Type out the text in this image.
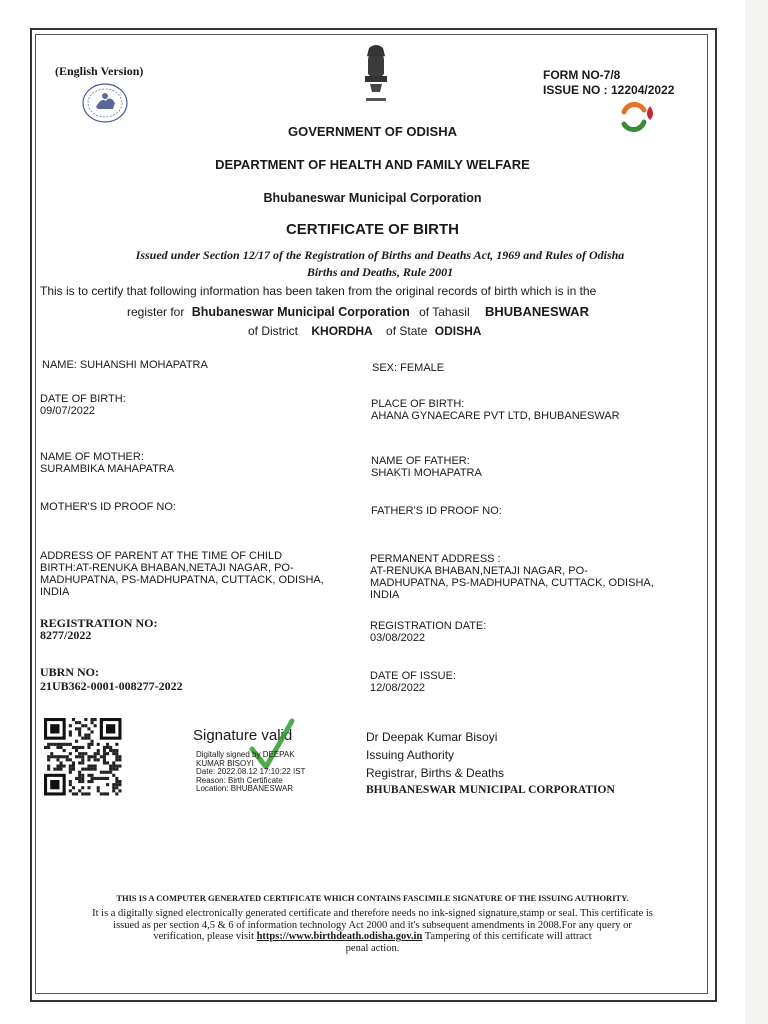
(English Version)	FORM NO-7/8
ISSUE NO : 12204/2022
GOVERNMENT OF ODISHA
DEPARTMENT OF HEALTH AND FAMILY WELFARE
Bhubaneswar Municipal Corporation
CERTIFICATE OF BIRTH
Issued under Section 12/17 of the Registration of Births and Deaths Act, 1969 and Rules of Odisha
Births and Deaths, Rule 2001
This is to certify that following information has been taken from the original records of birth which is in the
register for Bhubaneswar Municipal Corporation of Tahasil BHUBANESWAR
of District KHORDHA of State ODISHA
NAME: SUHANSHI MOHAPATRA
DATE OF BIRTH:
09/07/2022
NAME OF MOTHER:
SURAMBIKA MAHAPATRA
MOTHER'S ID PROOF NO:
ADDRESS OF PARENT AT THE TIME OF CHILD
BIRTH:AT-RENUKA BHABAN,NETAJI NAGAR, PO-
MADHUPATNA, PS-MADHUPATNA, CUTTACK, ODISHA,
INDIA
REGISTRATION NO:
8277/2022
UBRN NO:
21UB362-0001-008277-2022
SEX: FEMALE
PLACE OF BIRTH:
AHANA GYNAECARE PVT LTD, BHUBANESWAR
NAME OF FATHER:
SHAKTI MOHAPATRA
FATHER'S ID PROOF NO:
PERMANENT ADDRESS :
AT-RENUKA BHABAN,NETAJI NAGAR, PO-
MADHUPATNA, PS-MADHUPATNA, CUTTACK, ODISHA,
INDIA
REGISTRATION DATE:
03/08/2022
DATE OF ISSUE:
12/08/2022
Signature valid
Digitally signed by DEEPAK
KUMAR BISOYI
Date: 2022.08.12 17:10:22 IST
Reason: Birth Certificate
Location: BHUBANESWAR
Dr Deepak Kumar Bisoyi
Issuing Authority
Registrar, Births & Deaths
BHUBANESWAR MUNICIPAL CORPORATION
THIS IS A COMPUTER GENERATED CERTIFICATE WHICH CONTAINS FASCIMILE SIGNATURE OF THE ISSUING AUTHORITY.
It is a digitally signed electronically generated certificate and therefore needs no ink-signed signature,stamp or seal. This certificate is
issued as per section 4,5 & 6 of information technology Act 2000 and it's subsequent amendments in 2008.For any query or
verification, please visit https://www.birthdeath.odisha.gov.in Tampering of this certificate will attract
penal action.
